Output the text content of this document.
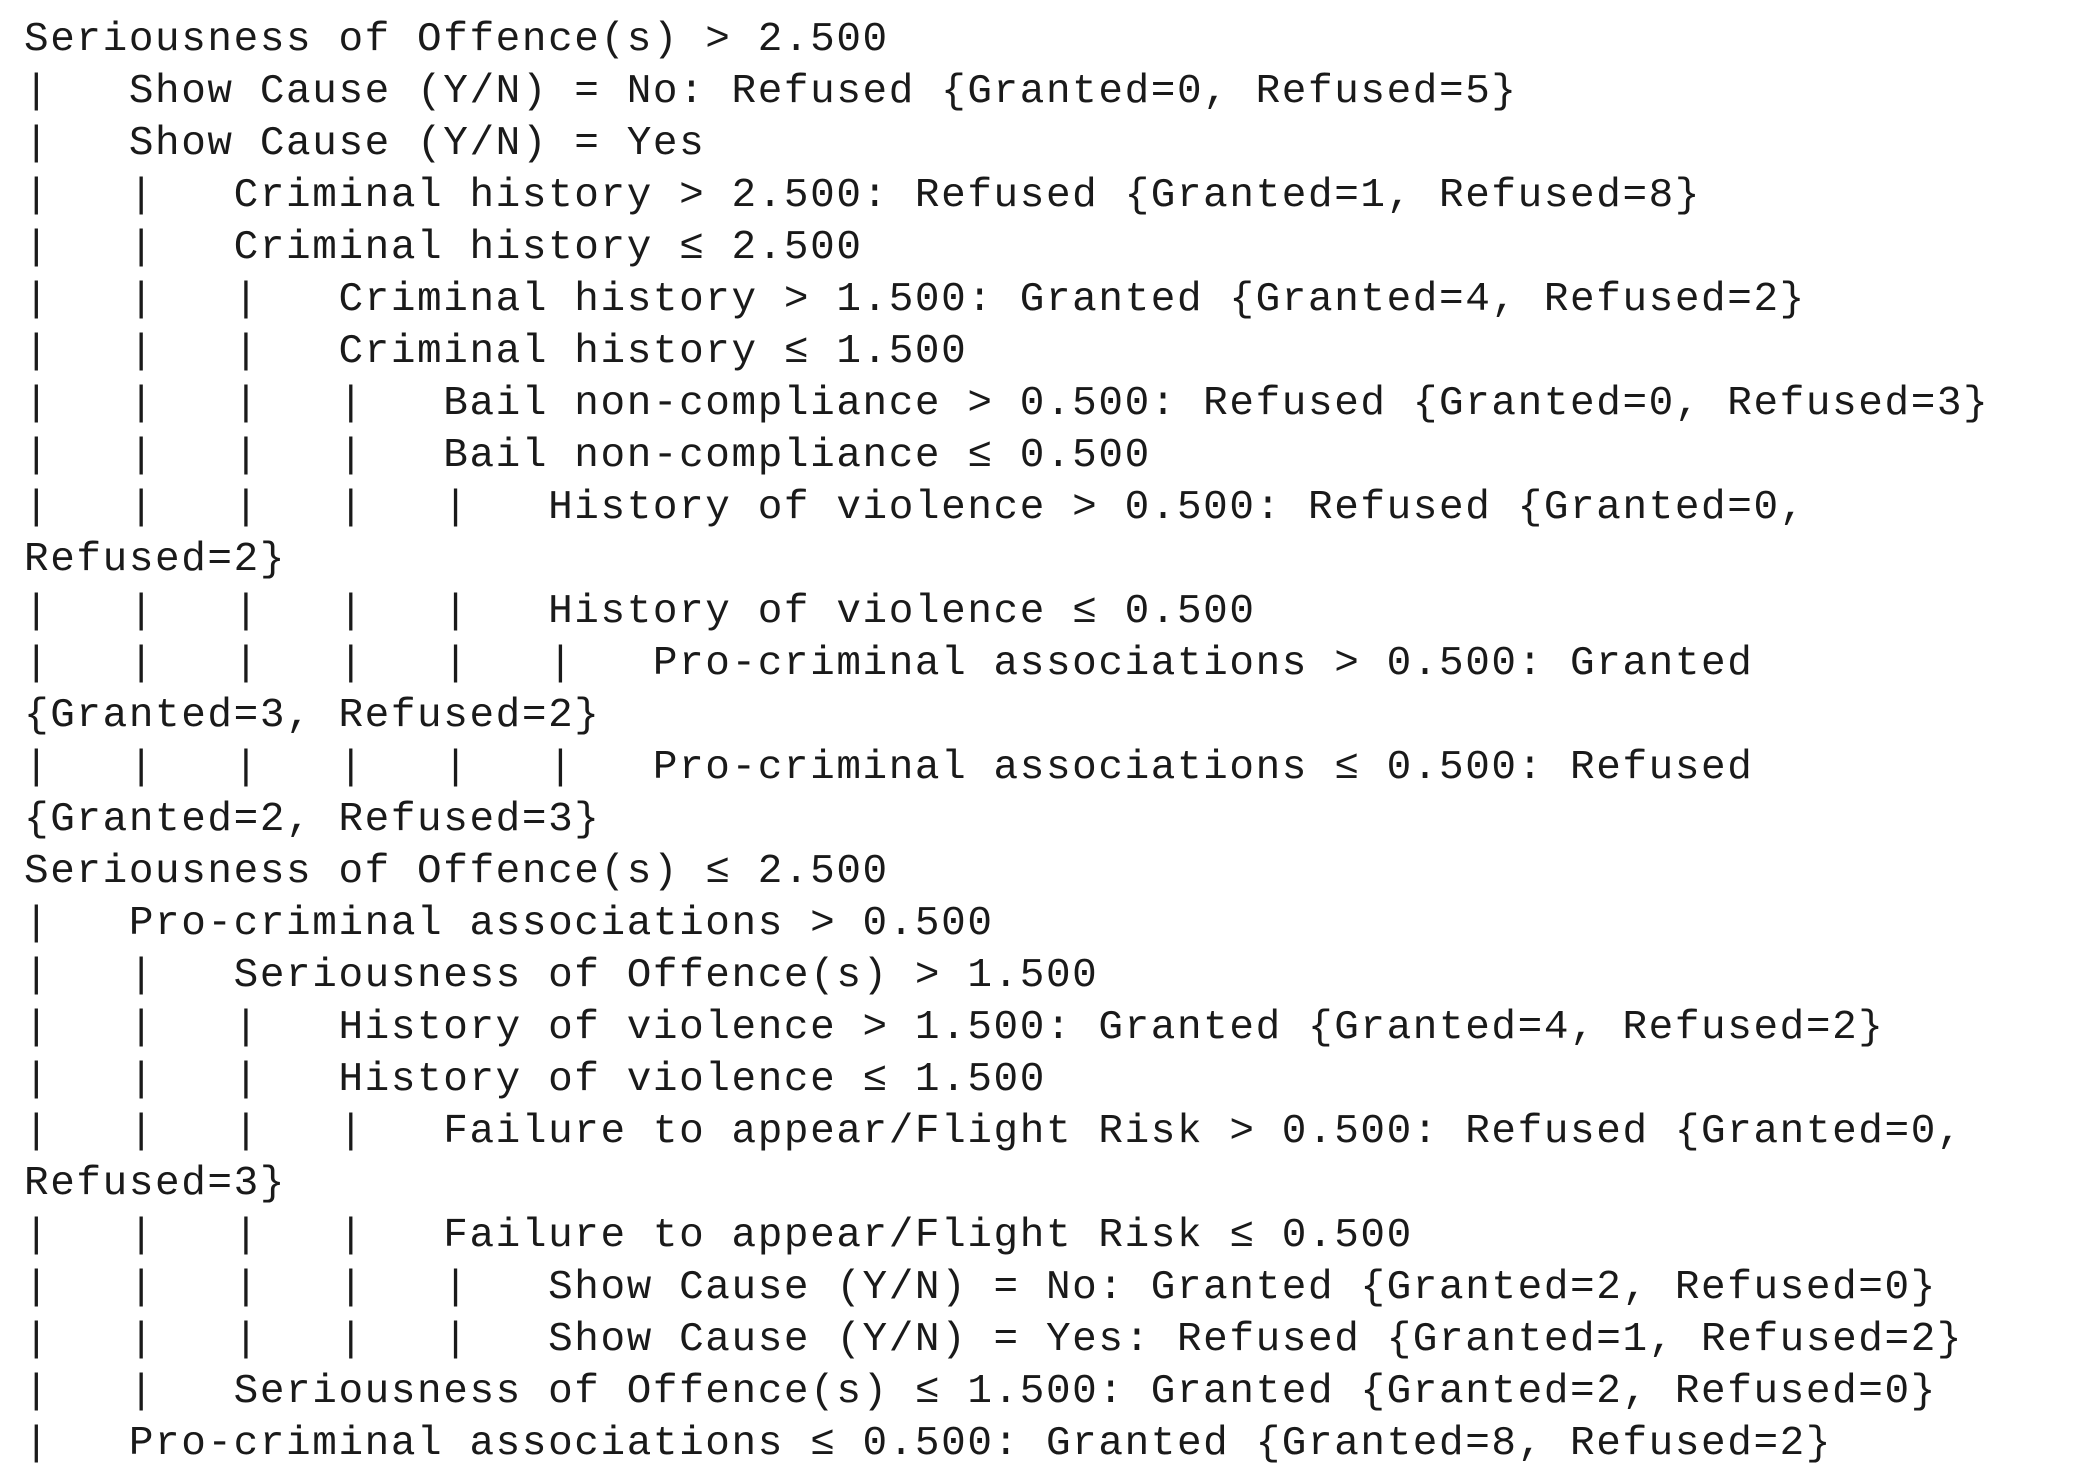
Seriousness of Offence(s) > 2.500
|   Show Cause (Y/N) = No: Refused {Granted=0, Refused=5}
|   Show Cause (Y/N) = Yes
|   |   Criminal history > 2.500: Refused {Granted=1, Refused=8}
|   |   Criminal history ≤ 2.500
|   |   |   Criminal history > 1.500: Granted {Granted=4, Refused=2}
|   |   |   Criminal history ≤ 1.500
|   |   |   |   Bail non-compliance > 0.500: Refused {Granted=0, Refused=3}
|   |   |   |   Bail non-compliance ≤ 0.500
|   |   |   |   |   History of violence > 0.500: Refused {Granted=0,
Refused=2}
|   |   |   |   |   History of violence ≤ 0.500
|   |   |   |   |   |   Pro-criminal associations > 0.500: Granted
{Granted=3, Refused=2}
|   |   |   |   |   |   Pro-criminal associations ≤ 0.500: Refused
{Granted=2, Refused=3}
Seriousness of Offence(s) ≤ 2.500
|   Pro-criminal associations > 0.500
|   |   Seriousness of Offence(s) > 1.500
|   |   |   History of violence > 1.500: Granted {Granted=4, Refused=2}
|   |   |   History of violence ≤ 1.500
|   |   |   |   Failure to appear/Flight Risk > 0.500: Refused {Granted=0,
Refused=3}
|   |   |   |   Failure to appear/Flight Risk ≤ 0.500
|   |   |   |   |   Show Cause (Y/N) = No: Granted {Granted=2, Refused=0}
|   |   |   |   |   Show Cause (Y/N) = Yes: Refused {Granted=1, Refused=2}
|   |   Seriousness of Offence(s) ≤ 1.500: Granted {Granted=2, Refused=0}
|   Pro-criminal associations ≤ 0.500: Granted {Granted=8, Refused=2}
